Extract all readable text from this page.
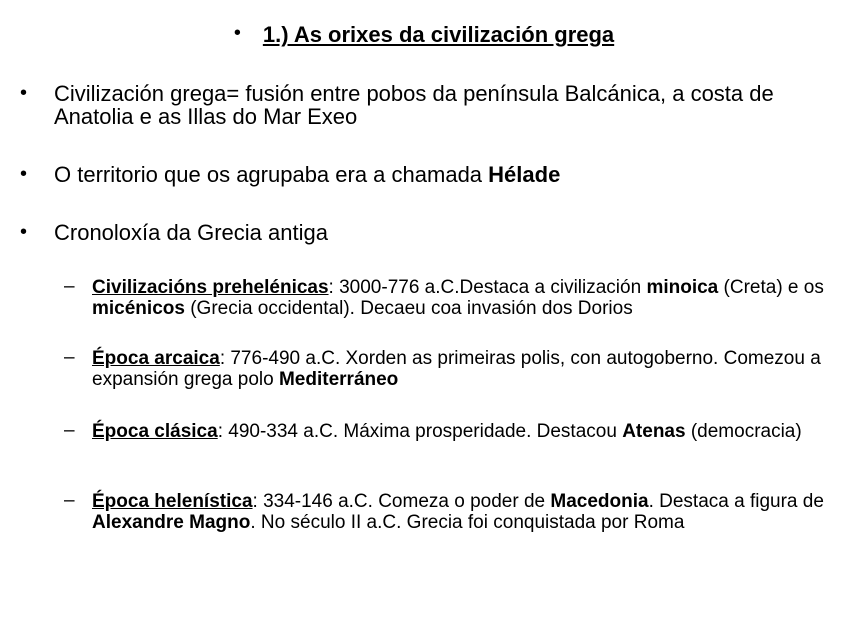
• 1.) As orixes da civilización grega
• Civilización grega= fusión entre pobos da península Balcánica, a costa de Anatolia e as Illas do Mar Exeo
• O territorio que os agrupaba era a chamada Hélade
• Cronoloxía da Grecia antiga
– Civilizacións prehelénicas: 3000-776 a.C.Destaca a civilización minoica (Creta) e os micénicos (Grecia occidental). Decaeu coa invasión dos Dorios
– Época arcaica: 776-490 a.C. Xorden as primeiras polis, con autogoberno. Comezou a expansión grega polo Mediterráneo
– Época clásica: 490-334 a.C. Máxima prosperidade. Destacou Atenas (democracia)
– Época helenística: 334-146 a.C. Comeza o poder de Macedonia. Destaca a figura de Alexandre Magno. No século II a.C. Grecia foi conquistada por Roma
